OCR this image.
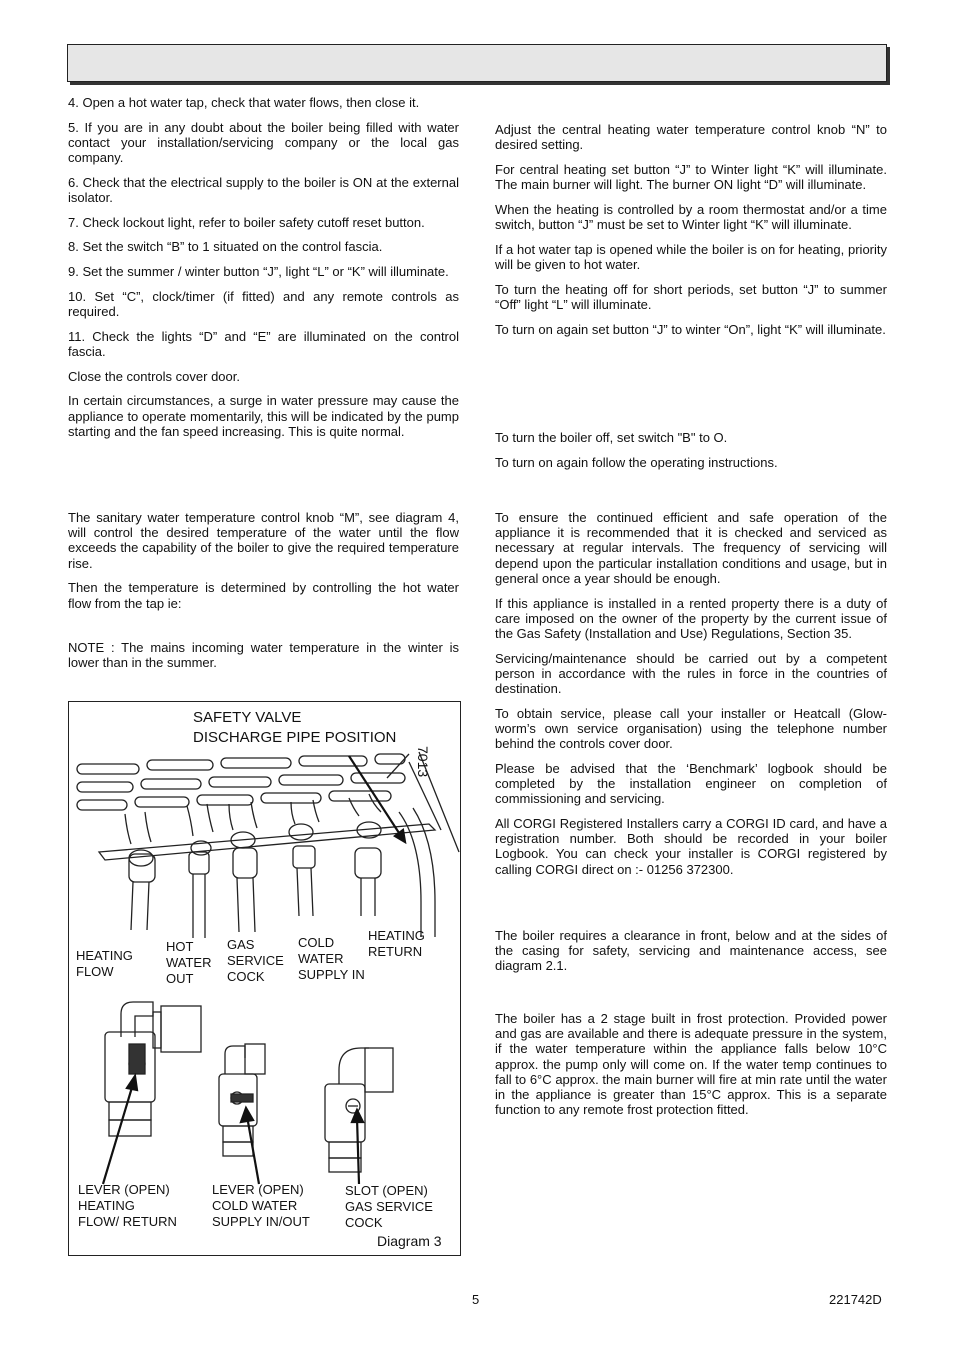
4. Open a hot water tap, check that water flows, then close it.

5. If you are in any doubt about the boiler being filled with water contact your installation/servicing company or the local gas company.

6. Check that the electrical supply to the boiler is ON at the external isolator.

7. Check lockout light, refer to boiler safety cutoff reset button.

8. Set the switch “B” to 1 situated on the control fascia.

9. Set the summer / winter button “J”, light “L” or “K” will illuminate.

10. Set “C”, clock/timer (if fitted) and any remote controls as required.

11. Check the lights “D” and “E” are illuminated on the control fascia.

Close the controls cover door.

In certain circumstances, a surge in water pressure may cause the appliance to operate momentarily, this will be indicated by the pump starting and the fan speed increasing. This is quite normal.

The sanitary water temperature control knob “M”, see diagram 4, will control the desired temperature of the water until the flow exceeds the capability of the boiler to give the required temperature rise.

Then the temperature is determined by controlling the hot water flow from the tap ie:

NOTE : The mains incoming water temperature in the winter is lower than in the summer.

Adjust the central heating water temperature control knob “N” to desired setting.

For central heating set button “J” to Winter light “K” will illuminate. The main burner will light. The burner ON light “D” will illuminate.

When the heating is controlled by a room thermostat and/or a time switch, button “J” must be set to Winter light “K” will illuminate.

If a hot water tap is opened while the boiler is on for heating, priority will be given to hot water.

To turn the heating off for short periods, set button “J” to summer “Off” light “L” will illuminate.

To turn on again set button “J” to winter “On”, light “K” will illuminate.

To turn the boiler off, set switch "B" to O.

To turn on again follow the operating instructions.

To ensure the continued efficient and safe operation of the appliance it is recommended that it is checked and serviced as necessary at regular intervals. The frequency of servicing will depend upon the particular installation conditions and usage, but in general once a year should be enough.

If this appliance is installed in a rented property there is a duty of care imposed on the owner of the property by the current issue of the Gas Safety (Installation and Use) Regulations, Section 35.

Servicing/maintenance should be carried out by a competent person in accordance with the rules in force in the countries of destination.

To obtain service, please call your installer or Heatcall (Glow-worm’s own service organisation) using the telephone number behind the controls cover door.

Please be advised that the ‘Benchmark’ logbook should be completed by the installation engineer on completion of commissioning and servicing.

All CORGI Registered Installers carry a CORGI ID card, and have a registration number. Both should be recorded in your boiler Logbook. You can check your installer is CORGI registered by calling CORGI direct on :- 01256 372300.

The boiler requires a clearance in front, below and at the sides of the casing for safety, servicing and maintenance access, see diagram 2.1.

The boiler has a 2 stage built in frost protection. Provided power and gas are available and there is adequate pressure in the system, if the water temperature within the appliance falls below 10°C approx. the pump only will come on. If the water temp continues to fall to 6°C approx. the main burner will fire at min rate until the water in the appliance is greater than 15°C approx. This is a separate function to any remote frost protection fitted.

SAFETY VALVE
DISCHARGE PIPE POSITION
7013
HEATING
FLOW
HOT
WATER
OUT
GAS
SERVICE
COCK
COLD
WATER
SUPPLY IN
HEATING
RETURN
LEVER (OPEN)
HEATING
FLOW/ RETURN
LEVER (OPEN)
COLD WATER
SUPPLY IN/OUT
SLOT (OPEN)
GAS SERVICE
COCK
Diagram 3
5	221742D
